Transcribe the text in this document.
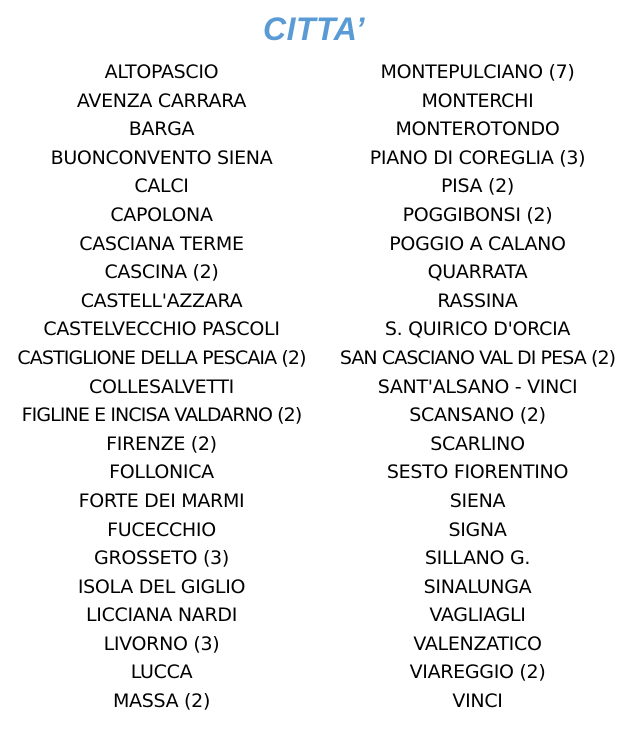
CITTA’
ALTOPASCIO
AVENZA CARRARA
BARGA
BUONCONVENTO SIENA
CALCI
CAPOLONA
CASCIANA TERME
CASCINA (2)
CASTELL'AZZARA
CASTELVECCHIO PASCOLI
CASTIGLIONE DELLA PESCAIA (2)
COLLESALVETTI
FIGLINE E INCISA VALDARNO (2)
FIRENZE (2)
FOLLONICA
FORTE DEI MARMI
FUCECCHIO
GROSSETO (3)
ISOLA DEL GIGLIO
LICCIANA NARDI
LIVORNO (3)
LUCCA
MASSA (2)
MONTEPULCIANO (7)
MONTERCHI
MONTEROTONDO
PIANO DI COREGLIA (3)
PISA (2)
POGGIBONSI (2)
POGGIO A CALANO
QUARRATA
RASSINA
S. QUIRICO D'ORCIA
SAN CASCIANO VAL DI PESA (2)
SANT'ALSANO - VINCI
SCANSANO (2)
SCARLINO
SESTO FIORENTINO
SIENA
SIGNA
SILLANO G.
SINALUNGA
VAGLIAGLI
VALENZATICO
VIAREGGIO (2)
VINCI
